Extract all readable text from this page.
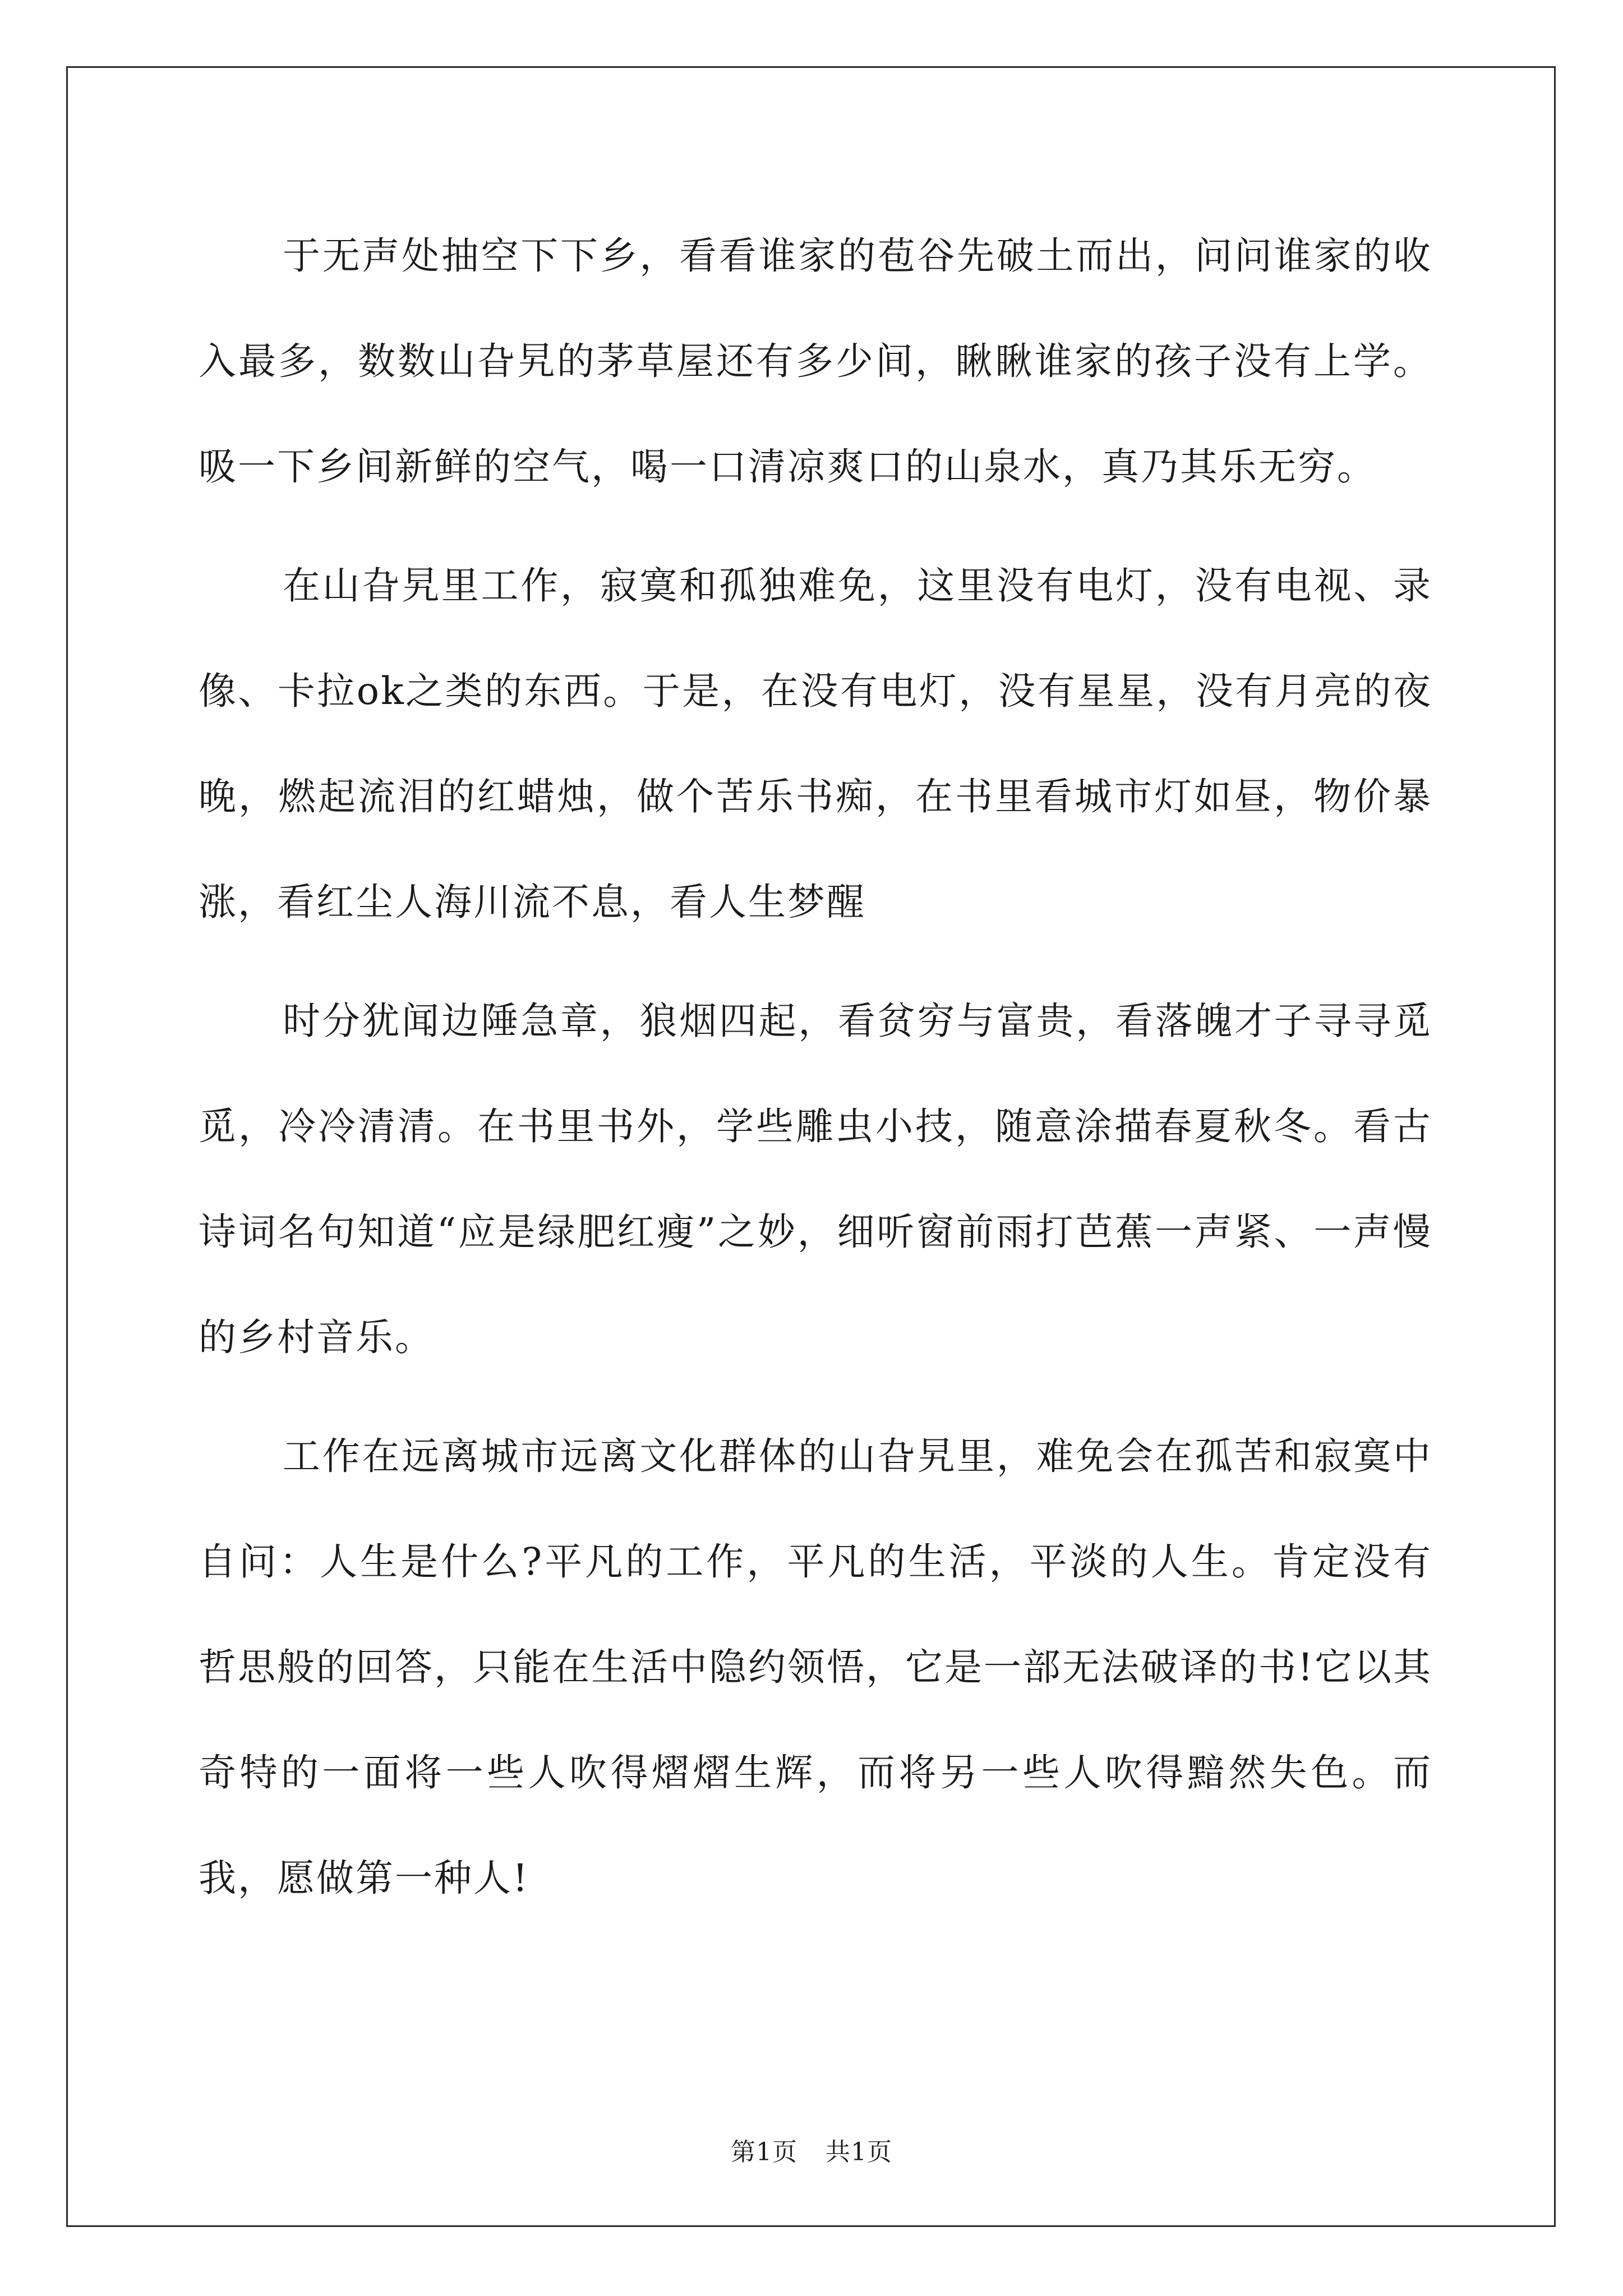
于无声处抽空下下乡，看看谁家的苞谷先破土而出，问问谁家的收入最多，数数山旮旯的茅草屋还有多少间，瞅瞅谁家的孩子没有上学。吸一下乡间新鲜的空气，喝一口清凉爽口的山泉水，真乃其乐无穷。

在山旮旯里工作，寂寞和孤独难免，这里没有电灯，没有电视、录像、卡拉ok之类的东西。于是，在没有电灯，没有星星，没有月亮的夜晚，燃起流泪的红蜡烛，做个苦乐书痴，在书里看城市灯如昼，物价暴涨，看红尘人海川流不息，看人生梦醒

时分犹闻边陲急章，狼烟四起，看贫穷与富贵，看落魄才子寻寻觅觅，冷冷清清。在书里书外，学些雕虫小技，随意涂描春夏秋冬。看古诗词名句知道“应是绿肥红瘦”之妙，细听窗前雨打芭蕉一声紧、一声慢的乡村音乐。

工作在远离城市远离文化群体的山旮旯里，难免会在孤苦和寂寞中自问：人生是什么?平凡的工作，平凡的生活，平淡的人生。肯定没有哲思般的回答，只能在生活中隐约领悟，它是一部无法破译的书!它以其奇特的一面将一些人吹得熠熠生辉，而将另一些人吹得黯然失色。而我，愿做第一种人!

第1页 共1页
